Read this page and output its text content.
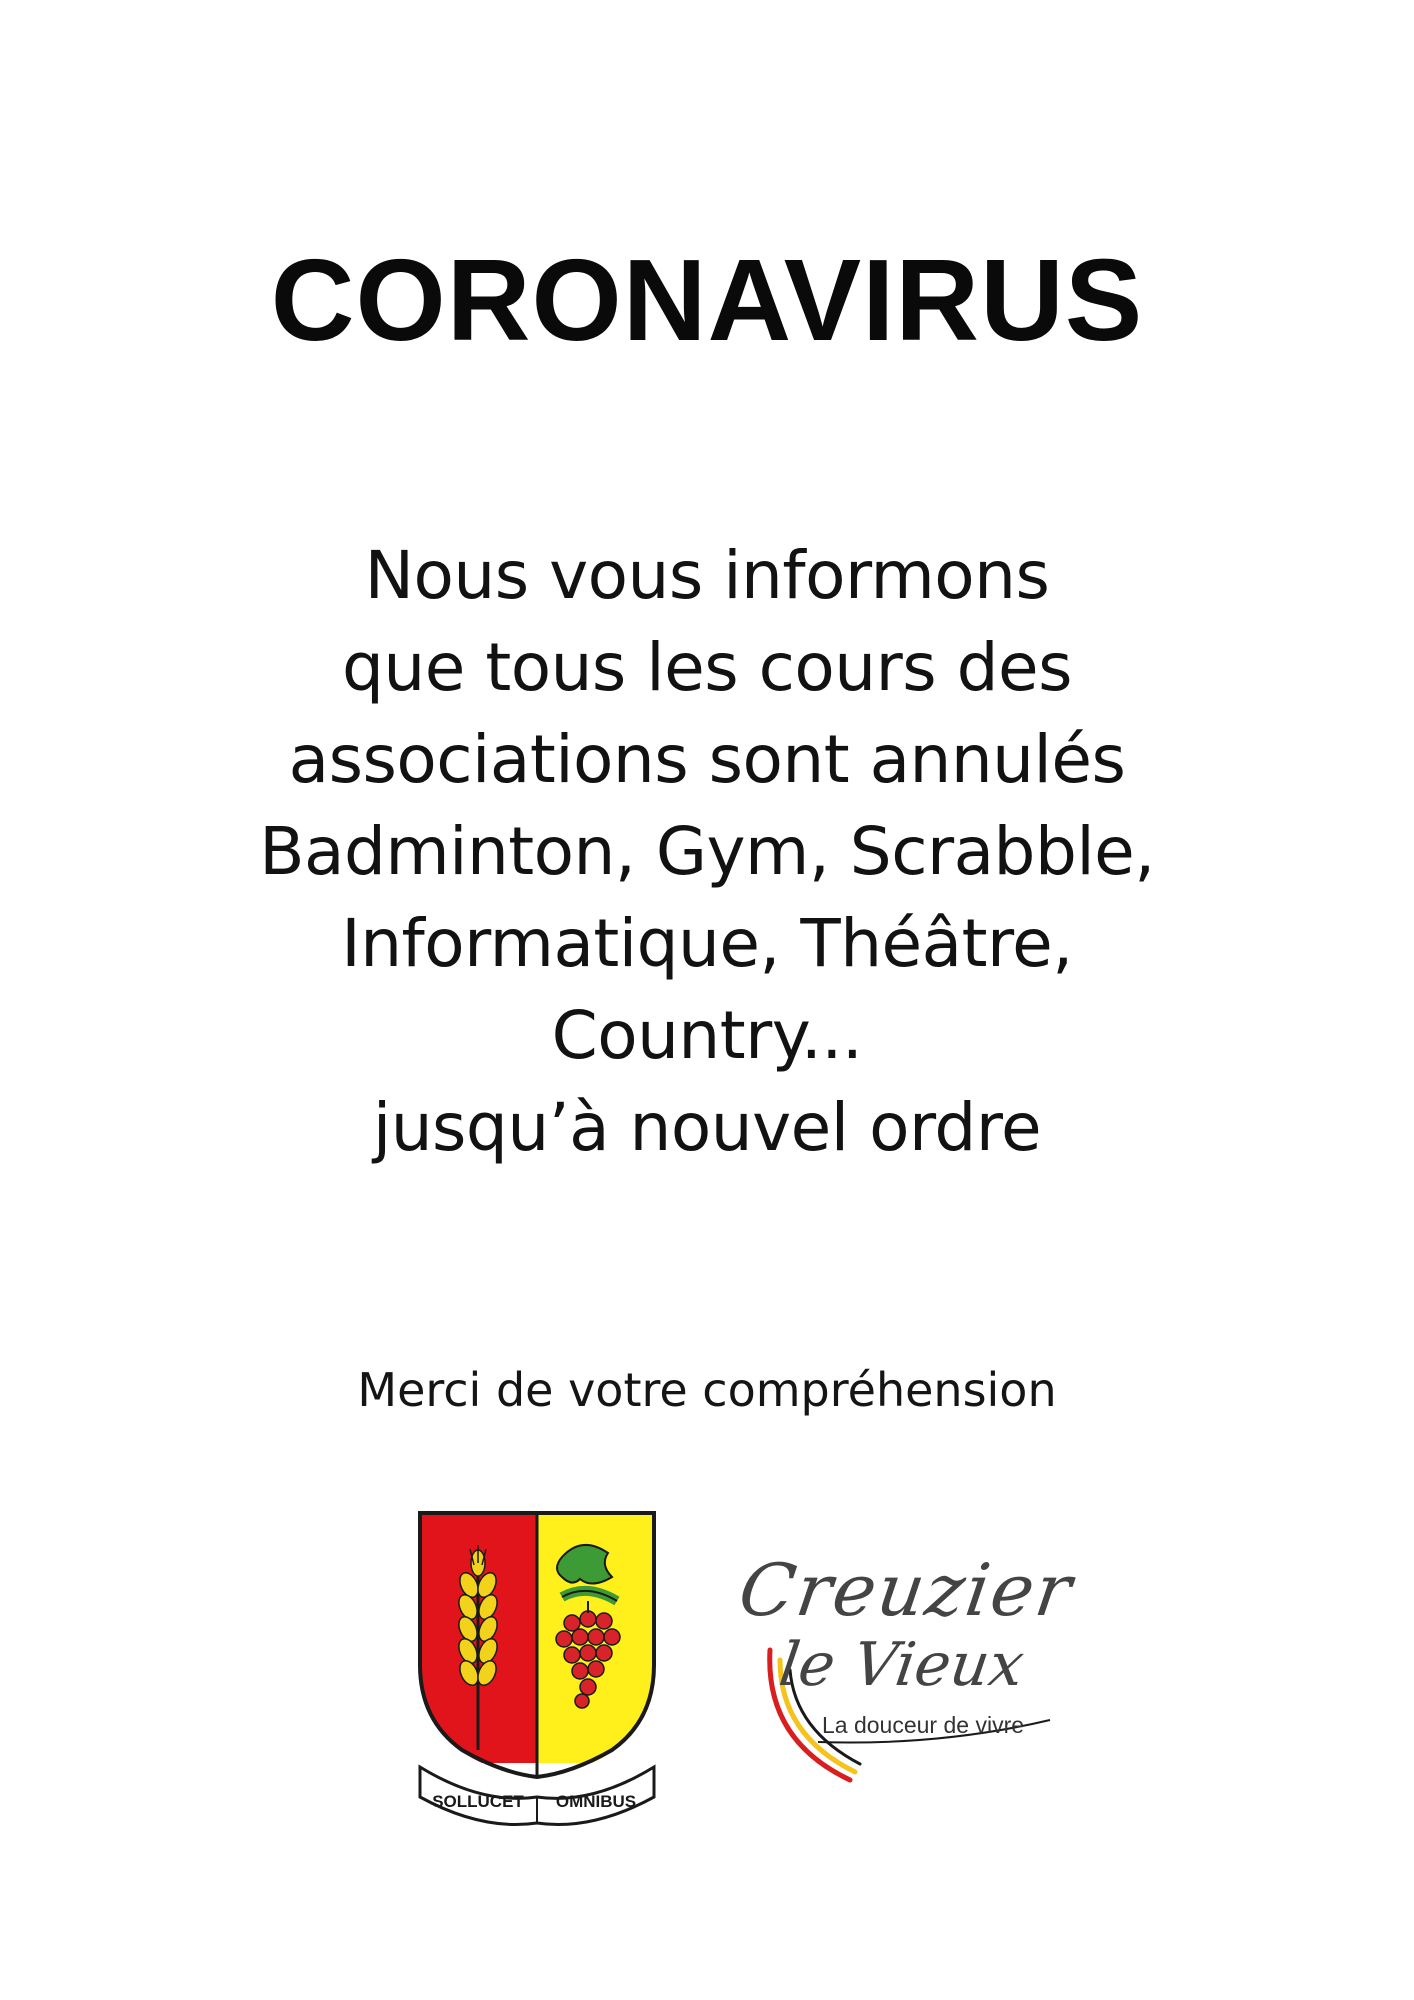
CORONAVIRUS
Nous vous informons
que tous les cours des
associations sont annulés
Badminton, Gym, Scrabble,
Informatique, Théâtre,
Country...
jusqu’à nouvel ordre
Merci de votre compréhension
SOLLUCET OMNIBUS
Creuzier
le Vieux
La douceur de vivre
